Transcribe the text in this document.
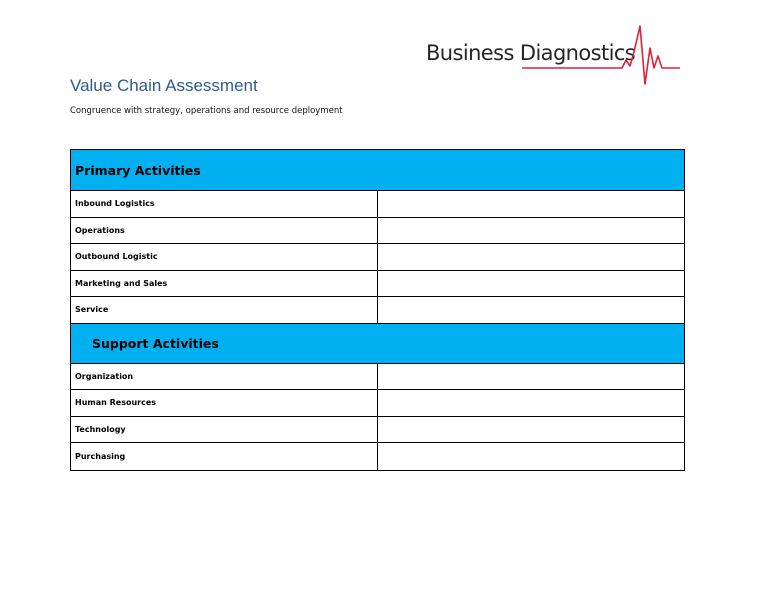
Business Diagnostics
Value Chain Assessment
Congruence with strategy, operations and resource deployment
Primary Activities
Inbound Logistics
Operations
Outbound Logistic
Marketing and Sales
Service
Support Activities
Organization
Human Resources
Technology
Purchasing
